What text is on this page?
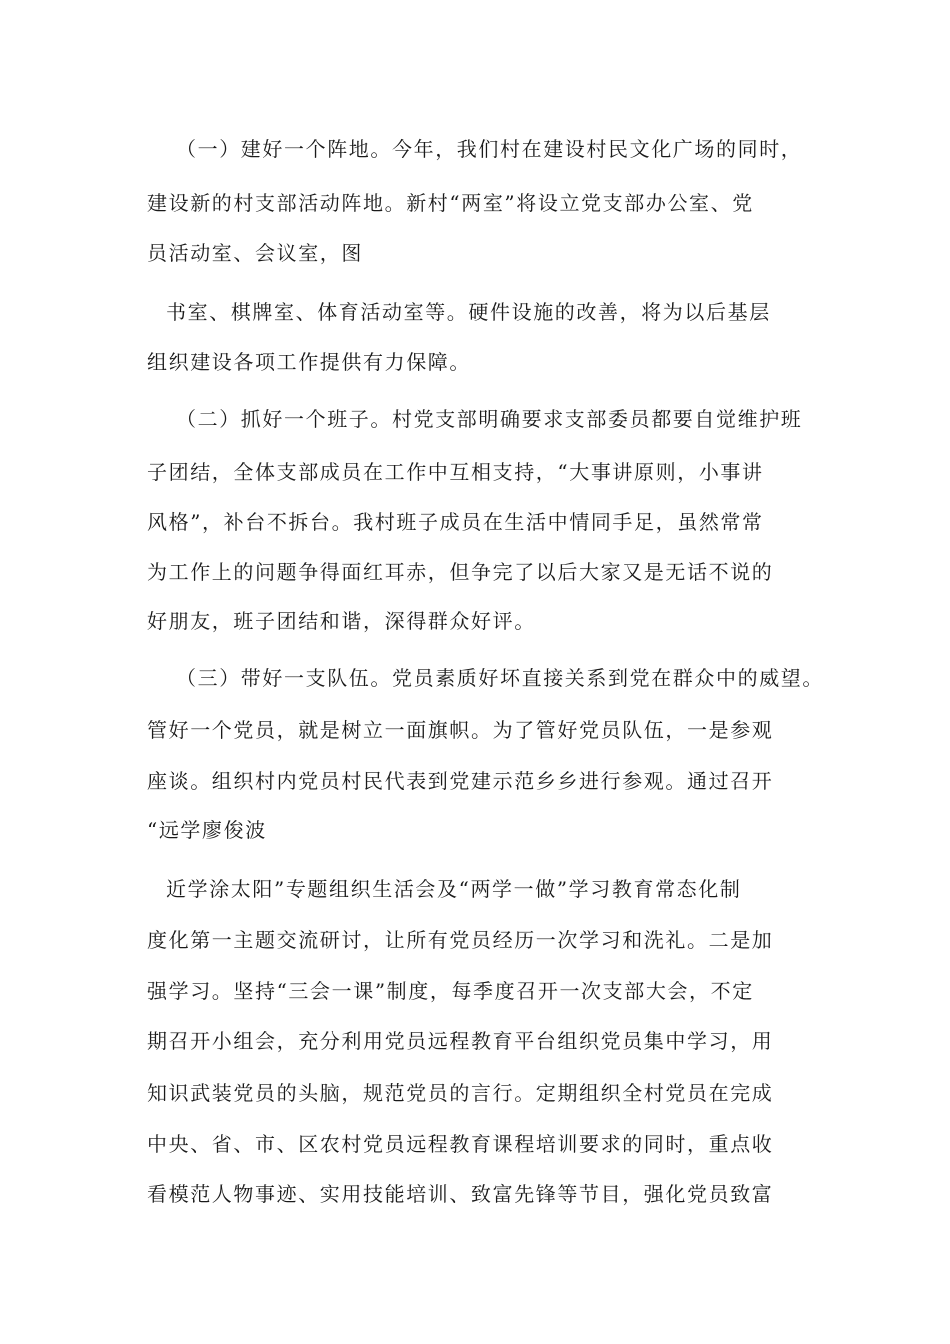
（一）建好一个阵地。今年，我们村在建设村民文化广场的同时，
建设新的村支部活动阵地。新村“两室”将设立党支部办公室、党
员活动室、会议室，图
书室、棋牌室、体育活动室等。硬件设施的改善，将为以后基层
组织建设各项工作提供有力保障。
（二）抓好一个班子。村党支部明确要求支部委员都要自觉维护班
子团结，全体支部成员在工作中互相支持，“大事讲原则，小事讲
风格”，补台不拆台。我村班子成员在生活中情同手足，虽然常常
为工作上的问题争得面红耳赤，但争完了以后大家又是无话不说的
好朋友，班子团结和谐，深得群众好评。
（三）带好一支队伍。党员素质好坏直接关系到党在群众中的威望。
管好一个党员，就是树立一面旗帜。为了管好党员队伍，一是参观
座谈。组织村内党员村民代表到党建示范乡乡进行参观。通过召开
“远学廖俊波
近学涂太阳”专题组织生活会及“两学一做”学习教育常态化制
度化第一主题交流研讨，让所有党员经历一次学习和洗礼。二是加
强学习。坚持“三会一课”制度，每季度召开一次支部大会，不定
期召开小组会，充分利用党员远程教育平台组织党员集中学习，用
知识武装党员的头脑，规范党员的言行。定期组织全村党员在完成
中央、省、市、区农村党员远程教育课程培训要求的同时，重点收
看模范人物事迹、实用技能培训、致富先锋等节目，强化党员致富
